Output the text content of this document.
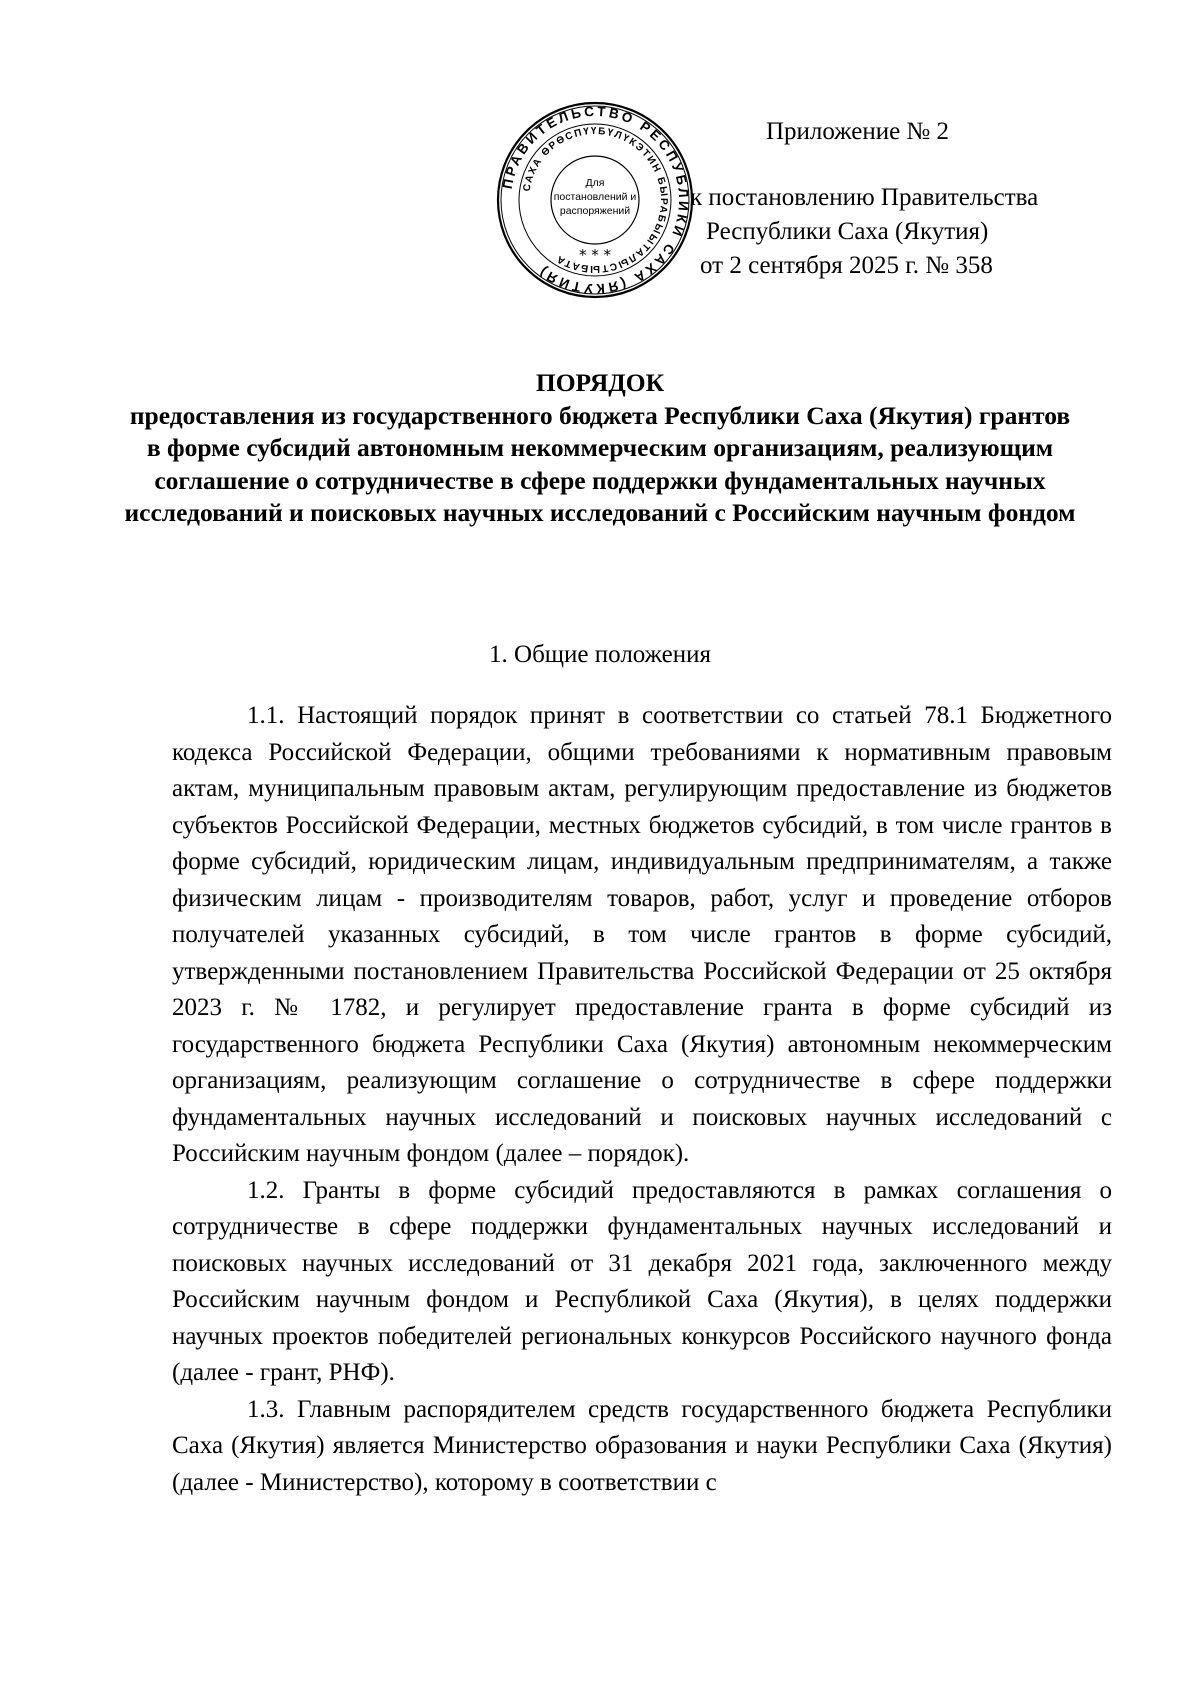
ПРАВИТЕЛЬСТВО РЕСПУБЛИКИ САХА (ЯКУТИЯ)
САХА ӨРӨСПҮҮБҮЛҮКЭТИН БЫРАБЫЫТАЛЫСТЫБАТА
Для
постановлений и
распоряжений
* * *
Приложение № 2
к постановлению Правительства
Республики Саха (Якутия)
от 2 сентября 2025 г. № 358
ПОРЯДОК
предоставления из государственного бюджета Республики Саха (Якутия) грантов в форме субсидий автономным некоммерческим организациям, реализующим соглашение о сотрудничестве в сфере поддержки фундаментальных научных исследований и поисковых научных исследований с Российским научным фондом
1. Общие положения

1.1. Настоящий порядок принят в соответствии со статьей 78.1 Бюджетного кодекса Российской Федерации, общими требованиями к нормативным правовым актам, муниципальным правовым актам, регулирующим предоставление из бюджетов субъектов Российской Федерации, местных бюджетов субсидий, в том числе грантов в форме субсидий, юридическим лицам, индивидуальным предпринимателям, а также физическим лицам - производителям товаров, работ, услуг и проведение отборов получателей указанных субсидий, в том числе грантов в форме субсидий, утвержденными постановлением Правительства Российской Федерации от 25 октября 2023 г. № 1782, и регулирует предоставление гранта в форме субсидий из государственного бюджета Республики Саха (Якутия) автономным некоммерческим организациям, реализующим соглашение о сотрудничестве в сфере поддержки фундаментальных научных исследований и поисковых научных исследований с Российским научным фондом (далее – порядок).

1.2. Гранты в форме субсидий предоставляются в рамках соглашения о сотрудничестве в сфере поддержки фундаментальных научных исследований и поисковых научных исследований от 31 декабря 2021 года, заключенного между Российским научным фондом и Республикой Саха (Якутия), в целях поддержки научных проектов победителей региональных конкурсов Российского научного фонда (далее - грант, РНФ).

1.3. Главным распорядителем средств государственного бюджета Республики Саха (Якутия) является Министерство образования и науки Республики Саха (Якутия) (далее - Министерство), которому в соответствии с
